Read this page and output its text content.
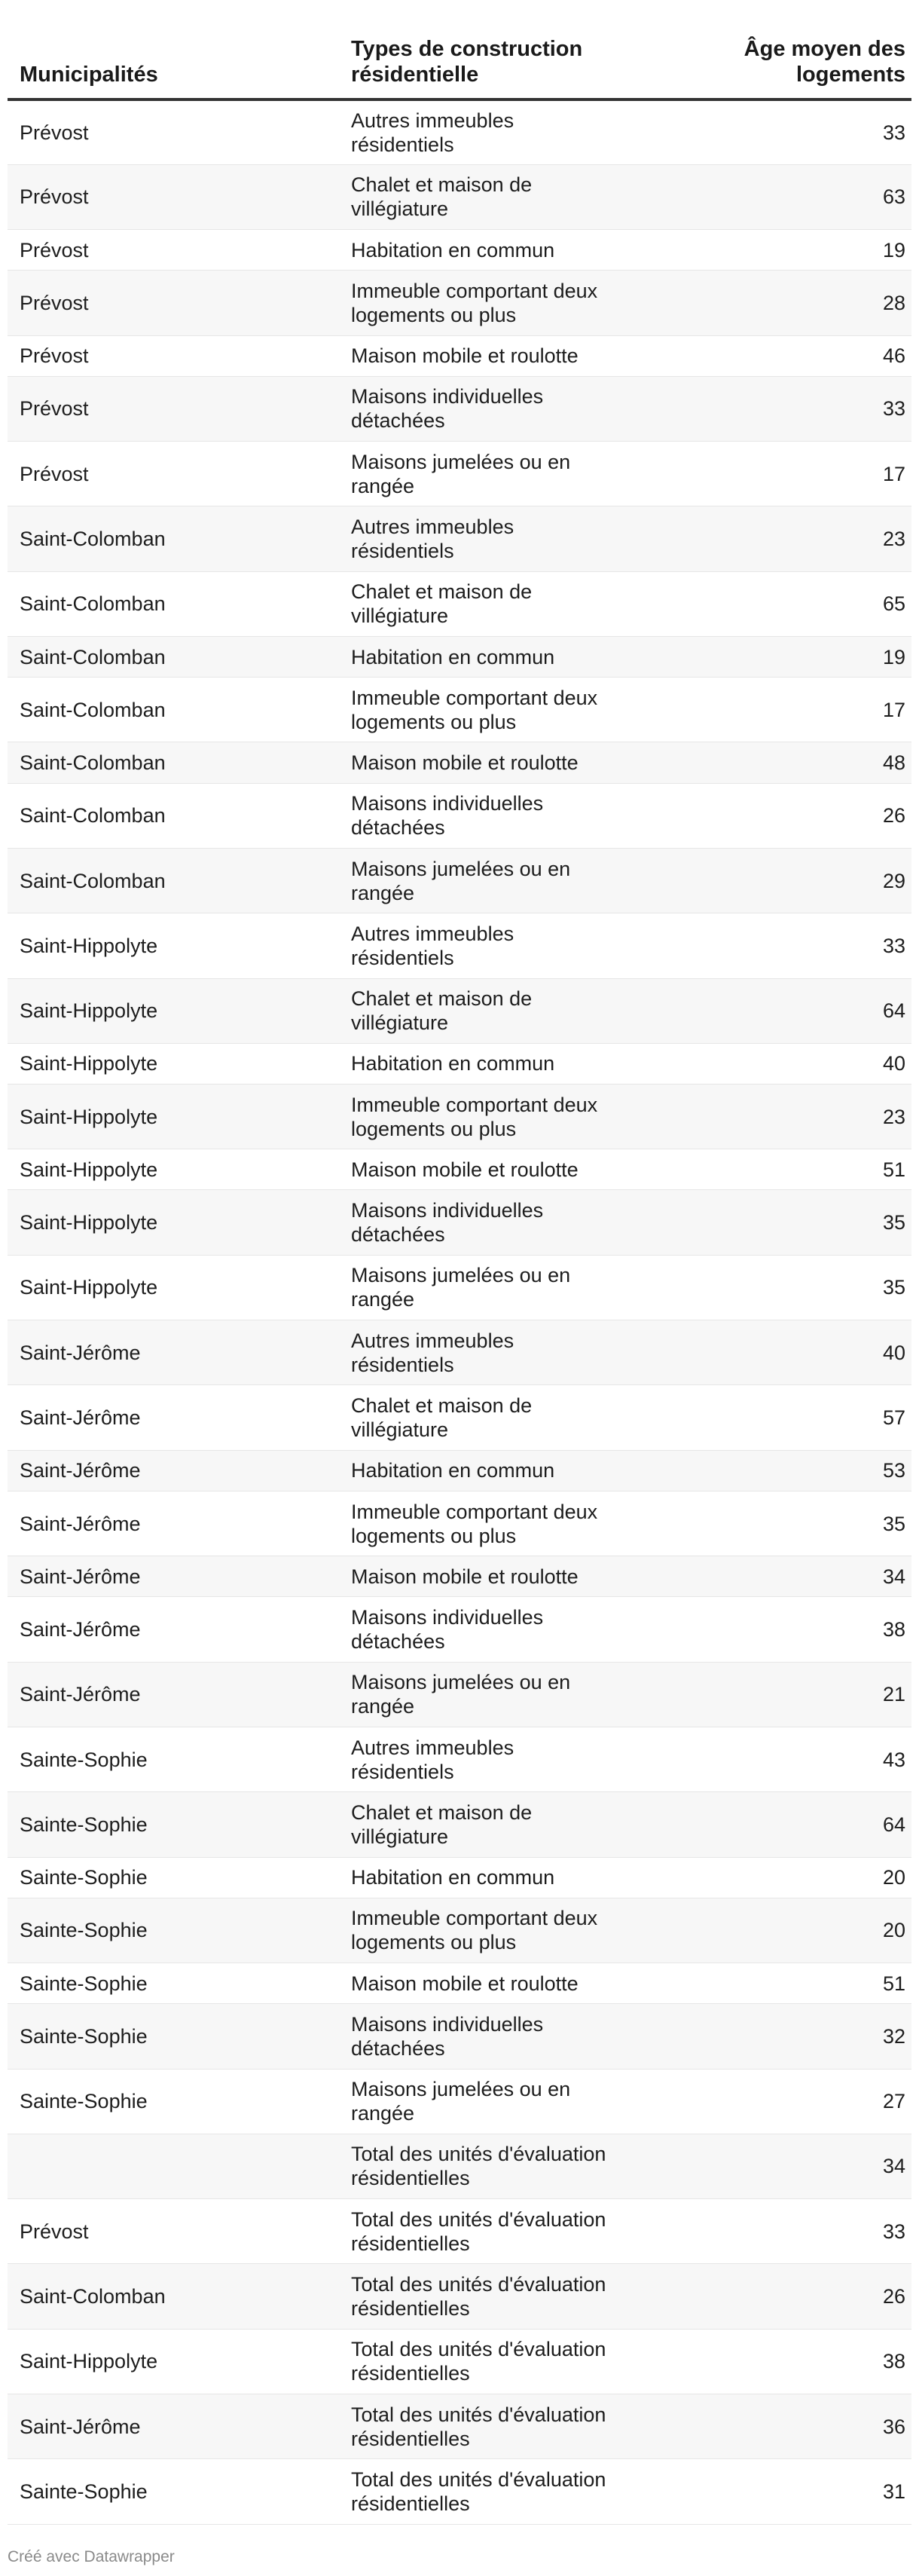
Municipalités	Types de construction résidentielle	Âge moyen des logements
Prévost	Autres immeubles résidentiels	33
Prévost	Chalet et maison de villégiature	63
Prévost	Habitation en commun	19
Prévost	Immeuble comportant deux logements ou plus	28
Prévost	Maison mobile et roulotte	46
Prévost	Maisons individuelles détachées	33
Prévost	Maisons jumelées ou en rangée	17
Saint-Colomban	Autres immeubles résidentiels	23
Saint-Colomban	Chalet et maison de villégiature	65
Saint-Colomban	Habitation en commun	19
Saint-Colomban	Immeuble comportant deux logements ou plus	17
Saint-Colomban	Maison mobile et roulotte	48
Saint-Colomban	Maisons individuelles détachées	26
Saint-Colomban	Maisons jumelées ou en rangée	29
Saint-Hippolyte	Autres immeubles résidentiels	33
Saint-Hippolyte	Chalet et maison de villégiature	64
Saint-Hippolyte	Habitation en commun	40
Saint-Hippolyte	Immeuble comportant deux logements ou plus	23
Saint-Hippolyte	Maison mobile et roulotte	51
Saint-Hippolyte	Maisons individuelles détachées	35
Saint-Hippolyte	Maisons jumelées ou en rangée	35
Saint-Jérôme	Autres immeubles résidentiels	40
Saint-Jérôme	Chalet et maison de villégiature	57
Saint-Jérôme	Habitation en commun	53
Saint-Jérôme	Immeuble comportant deux logements ou plus	35
Saint-Jérôme	Maison mobile et roulotte	34
Saint-Jérôme	Maisons individuelles détachées	38
Saint-Jérôme	Maisons jumelées ou en rangée	21
Sainte-Sophie	Autres immeubles résidentiels	43
Sainte-Sophie	Chalet et maison de villégiature	64
Sainte-Sophie	Habitation en commun	20
Sainte-Sophie	Immeuble comportant deux logements ou plus	20
Sainte-Sophie	Maison mobile et roulotte	51
Sainte-Sophie	Maisons individuelles détachées	32
Sainte-Sophie	Maisons jumelées ou en rangée	27
	Total des unités d'évaluation résidentielles	34
Prévost	Total des unités d'évaluation résidentielles	33
Saint-Colomban	Total des unités d'évaluation résidentielles	26
Saint-Hippolyte	Total des unités d'évaluation résidentielles	38
Saint-Jérôme	Total des unités d'évaluation résidentielles	36
Sainte-Sophie	Total des unités d'évaluation résidentielles	31
Créé avec Datawrapper
